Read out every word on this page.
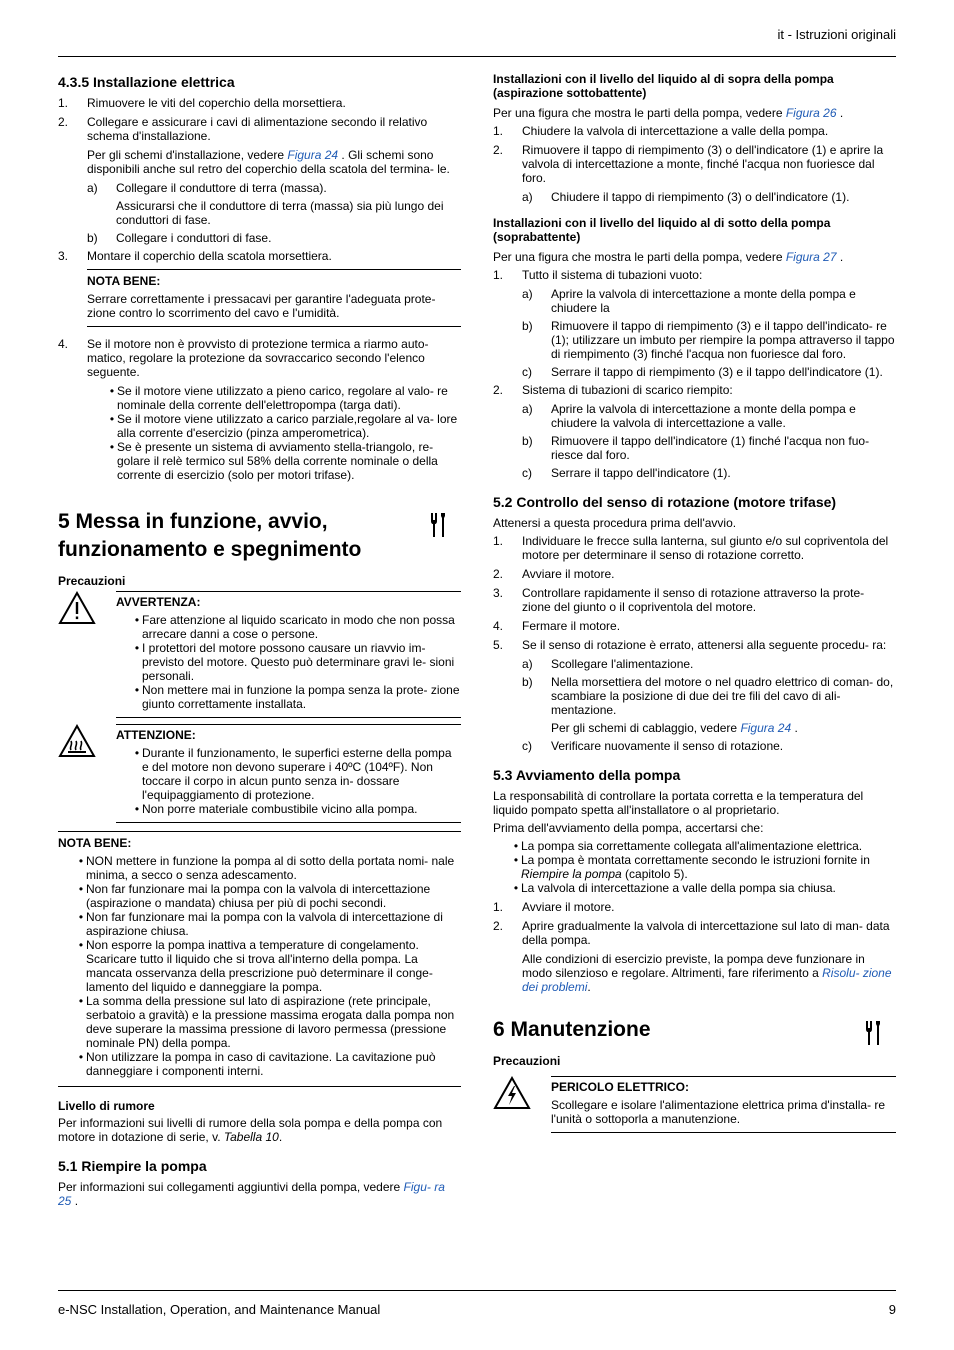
it - Istruzioni originali
4.3.5 Installazione elettrica
1.	Rimuovere le viti del coperchio della morsettiera.
2.	Collegare e assicurare i cavi di alimentazione secondo il relativo schema d'installazione.
Per gli schemi d'installazione, vedere Figura 24 . Gli schemi sono disponibili anche sul retro del coperchio della scatola del termina- le.
a)	Collegare il conduttore di terra (massa).
Assicurarsi che il conduttore di terra (massa) sia più lungo dei conduttori di fase.
b)	Collegare i conduttori di fase.
3.	Montare il coperchio della scatola morsettiera.
NOTA BENE:
Serrare correttamente i pressacavi per garantire l'adeguata prote- zione contro lo scorrimento del cavo e l'umidità.
4.	Se il motore non è provvisto di protezione termica a riarmo auto- matico, regolare la protezione da sovraccarico secondo l'elenco seguente.
• Se il motore viene utilizzato a pieno carico, regolare al valo- re nominale della corrente dell'elettropompa (targa dati).
• Se il motore viene utilizzato a carico parziale,regolare al va- lore alla corrente d'esercizio (pinza amperometrica).
• Se è presente un sistema di avviamento stella-triangolo, re- golare il relè termico sul 58% della corrente nominale o della corrente di esercizio (solo per motori trifase).
5 Messa in funzione, avvio, funzionamento e spegnimento
Precauzioni
AVVERTENZA:
• Fare attenzione al liquido scaricato in modo che non possa arrecare danni a cose o persone.
• I protettori del motore possono causare un riavvio im- previsto del motore. Questo può determinare gravi le- sioni personali.
• Non mettere mai in funzione la pompa senza la prote- zione giunto correttamente installata.
ATTENZIONE:
• Durante il funzionamento, le superfici esterne della pompa e del motore non devono superare i 40ºC (104ºF). Non toccare il corpo in alcun punto senza in- dossare l'equipaggiamento di protezione.
• Non porre materiale combustibile vicino alla pompa.
NOTA BENE:
• NON mettere in funzione la pompa al di sotto della portata nomi- nale minima, a secco o senza adescamento.
• Non far funzionare mai la pompa con la valvola di intercettazione (aspirazione o mandata) chiusa per più di pochi secondi.
• Non far funzionare mai la pompa con la valvola di intercettazione di aspirazione chiusa.
• Non esporre la pompa inattiva a temperature di congelamento. Scaricare tutto il liquido che si trova all'interno della pompa. La mancata osservanza della prescrizione può determinare il conge- lamento del liquido e danneggiare la pompa.
• La somma della pressione sul lato di aspirazione (rete principale, serbatoio a gravità) e la pressione massima erogata dalla pompa non deve superare la massima pressione di lavoro permessa (pressione nominale PN) della pompa.
• Non utilizzare la pompa in caso di cavitazione. La cavitazione può danneggiare i componenti interni.
Livello di rumore

Per informazioni sui livelli di rumore della sola pompa e della pompa con motore in dotazione di serie, v. Tabella 10.

5.1 Riempire la pompa

Per informazioni sui collegamenti aggiuntivi della pompa, vedere Figu- ra 25 .

Installazioni con il livello del liquido al di sopra della pompa (aspirazione sottobattente)

Per una figura che mostra le parti della pompa, vedere Figura 26 .

1.	Chiudere la valvola di intercettazione a valle della pompa.
2.	Rimuovere il tappo di riempimento (3) o dell'indicatore (1) e aprire la valvola di intercettazione a monte, finché l'acqua non fuoriesce dal foro.
a)	Chiudere il tappo di riempimento (3) o dell'indicatore (1).
Installazioni con il livello del liquido al di sotto della pompa (soprabattente)

Per una figura che mostra le parti della pompa, vedere Figura 27 .

1.	Tutto il sistema di tubazioni vuoto:
a)	Aprire la valvola di intercettazione a monte della pompa e chiudere la
b)	Rimuovere il tappo di riempimento (3) e il tappo dell'indicato- re (1); utilizzare un imbuto per riempire la pompa attraverso il tappo di riempimento (3) finché l'acqua non fuoriesce dal foro.
c)	Serrare il tappo di riempimento (3) e il tappo dell'indicatore (1).
2.	Sistema di tubazioni di scarico riempito:
a)	Aprire la valvola di intercettazione a monte della pompa e chiudere la valvola di intercettazione a valle.
b)	Rimuovere il tappo dell'indicatore (1) finché l'acqua non fuo- riesce dal foro.
c)	Serrare il tappo dell'indicatore (1).
5.2 Controllo del senso di rotazione (motore trifase)

Attenersi a questa procedura prima dell'avvio.

1.	Individuare le frecce sulla lanterna, sul giunto e/o sul copriventola del motore per determinare il senso di rotazione corretto.
2.	Avviare il motore.
3.	Controllare rapidamente il senso di rotazione attraverso la prote- zione del giunto o il copriventola del motore.
4.	Fermare il motore.
5.	Se il senso di rotazione è errato, attenersi alla seguente procedu- ra:
a)	Scollegare l'alimentazione.
b)	Nella morsettiera del motore o nel quadro elettrico di coman- do, scambiare la posizione di due dei tre fili del cavo di ali- mentazione.
Per gli schemi di cablaggio, vedere Figura 24 .
c)	Verificare nuovamente il senso di rotazione.
5.3 Avviamento della pompa

La responsabilità di controllare la portata corretta e la temperatura del liquido pompato spetta all'installatore o al proprietario.

Prima dell'avviamento della pompa, accertarsi che:

• La pompa sia correttamente collegata all'alimentazione elettrica.
• La pompa è montata correttamente secondo le istruzioni fornite in Riempire la pompa (capitolo 5).
• La valvola di intercettazione a valle della pompa sia chiusa.
1.	Avviare il motore.
2.	Aprire gradualmente la valvola di intercettazione sul lato di man- data della pompa.
Alle condizioni di esercizio previste, la pompa deve funzionare in modo silenzioso e regolare. Altrimenti, fare riferimento a Risolu- zione dei problemi.
6 Manutenzione
Precauzioni
PERICOLO ELETTRICO:
Scollegare e isolare l'alimentazione elettrica prima d'installa- re l'unità o sottoporla a manutenzione.
e-NSC Installation, Operation, and Maintenance Manual	9
